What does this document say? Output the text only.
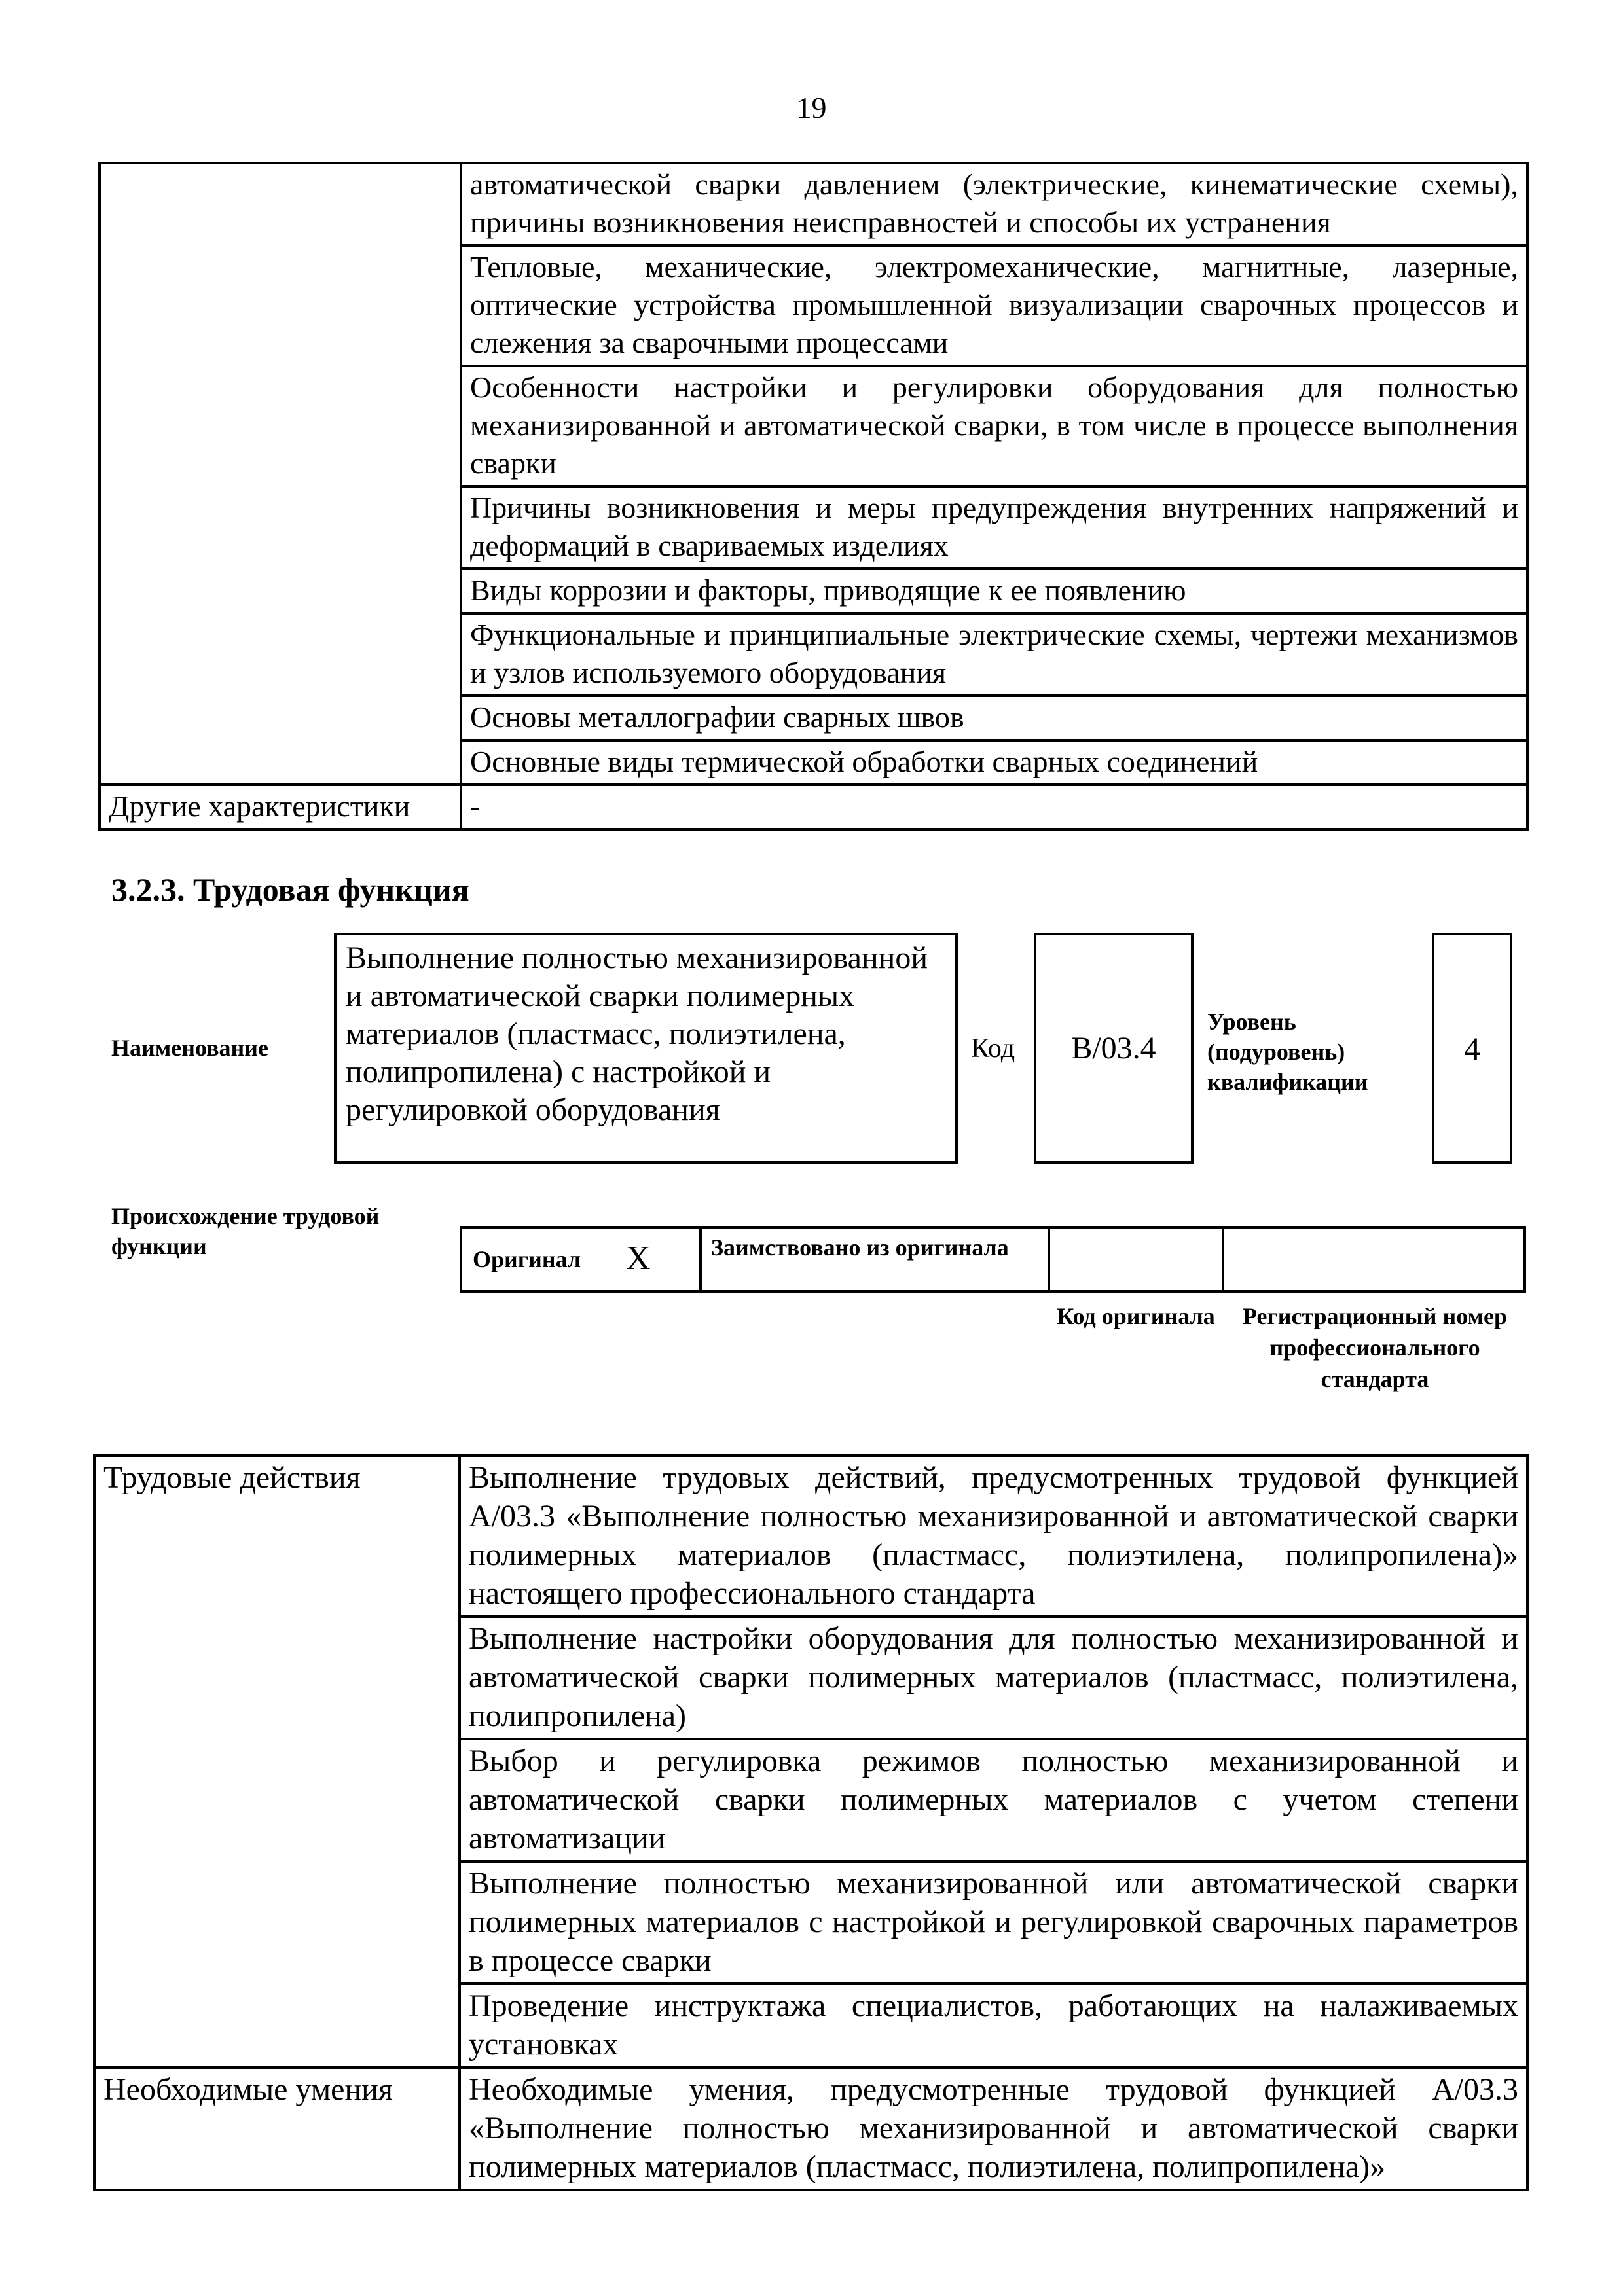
19
	автоматической сварки давлением (электрические, кинематические схемы), причины возникновения неисправностей и способы их устранения
	Тепловые, механические, электромеханические, магнитные, лазерные, оптические устройства промышленной визуализации сварочных процессов и слежения за сварочными процессами
	Особенности настройки и регулировки оборудования для полностью механизированной и автоматической сварки, в том числе в процессе выполнения сварки
	Причины возникновения и меры предупреждения внутренних напряжений и деформаций в свариваемых изделиях
	Виды коррозии и факторы, приводящие к ее появлению
	Функциональные и принципиальные электрические схемы, чертежи механизмов и узлов используемого оборудования
	Основы металлографии сварных швов
	Основные виды термической обработки сварных соединений
Другие характеристики	-
3.2.3. Трудовая функция
Наименование
Выполнение полностью механизированной и автоматической сварки полимерных материалов (пластмасс, полиэтилена, полипропилена) с настройкой и регулировкой оборудования
Код B/03.4
Уровень (подуровень) квалификации
4
Происхождение трудовой функции	Оригинал X	Заимствовано из оригинала
Код оригинала	Регистрационный номер профессионального стандарта
Трудовые действия	Выполнение трудовых действий, предусмотренных трудовой функцией А/03.3 «Выполнение полностью механизированной и автоматической сварки полимерных материалов (пластмасс, полиэтилена, полипропилена)» настоящего профессионального стандарта
	Выполнение настройки оборудования для полностью механизированной и автоматической сварки полимерных материалов (пластмасс, полиэтилена, полипропилена)
	Выбор и регулировка режимов полностью механизированной и автоматической сварки полимерных материалов с учетом степени автоматизации
	Выполнение полностью механизированной или автоматической сварки полимерных материалов с настройкой и регулировкой сварочных параметров в процессе сварки
	Проведение инструктажа специалистов, работающих на налаживаемых установках
Необходимые умения	Необходимые умения, предусмотренные трудовой функцией А/03.3 «Выполнение полностью механизированной и автоматической сварки полимерных материалов (пластмасс, полиэтилена, полипропилена)»
